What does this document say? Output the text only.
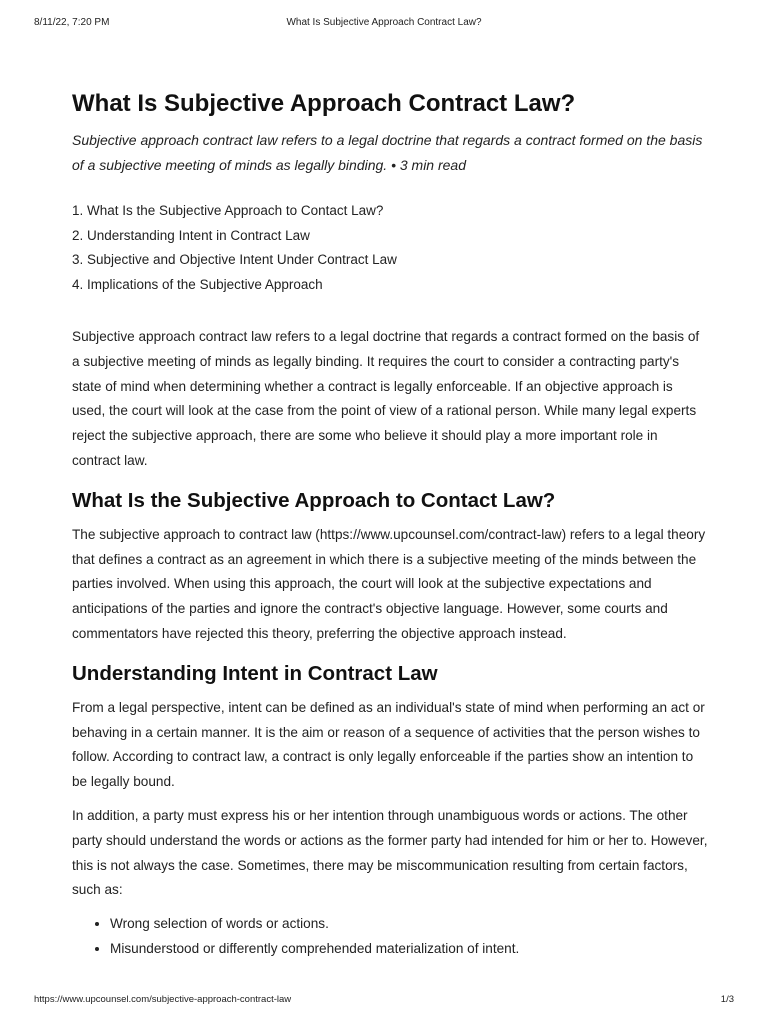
8/11/22, 7:20 PM	What Is Subjective Approach Contract Law?
What Is Subjective Approach Contract Law?

Subjective approach contract law refers to a legal doctrine that regards a contract formed on the basis of a subjective meeting of minds as legally binding. • 3 min read

1. What Is the Subjective Approach to Contact Law?
2. Understanding Intent in Contract Law
3. Subjective and Objective Intent Under Contract Law
4. Implications of the Subjective Approach

Subjective approach contract law refers to a legal doctrine that regards a contract formed on the basis of a subjective meeting of minds as legally binding. It requires the court to consider a contracting party's state of mind when determining whether a contract is legally enforceable. If an objective approach is used, the court will look at the case from the point of view of a rational person. While many legal experts reject the subjective approach, there are some who believe it should play a more important role in contract law.

What Is the Subjective Approach to Contact Law?

The subjective approach to contract law (https://www.upcounsel.com/contract-law) refers to a legal theory that defines a contract as an agreement in which there is a subjective meeting of the minds between the parties involved. When using this approach, the court will look at the subjective expectations and anticipations of the parties and ignore the contract's objective language. However, some courts and commentators have rejected this theory, preferring the objective approach instead.

Understanding Intent in Contract Law

From a legal perspective, intent can be defined as an individual's state of mind when performing an act or behaving in a certain manner. It is the aim or reason of a sequence of activities that the person wishes to follow. According to contract law, a contract is only legally enforceable if the parties show an intention to be legally bound.

In addition, a party must express his or her intention through unambiguous words or actions. The other party should understand the words or actions as the former party had intended for him or her to. However, this is not always the case. Sometimes, there may be miscommunication resulting from certain factors, such as:

• Wrong selection of words or actions.
• Misunderstood or differently comprehended materialization of intent.
https://www.upcounsel.com/subjective-approach-contract-law	1/3
